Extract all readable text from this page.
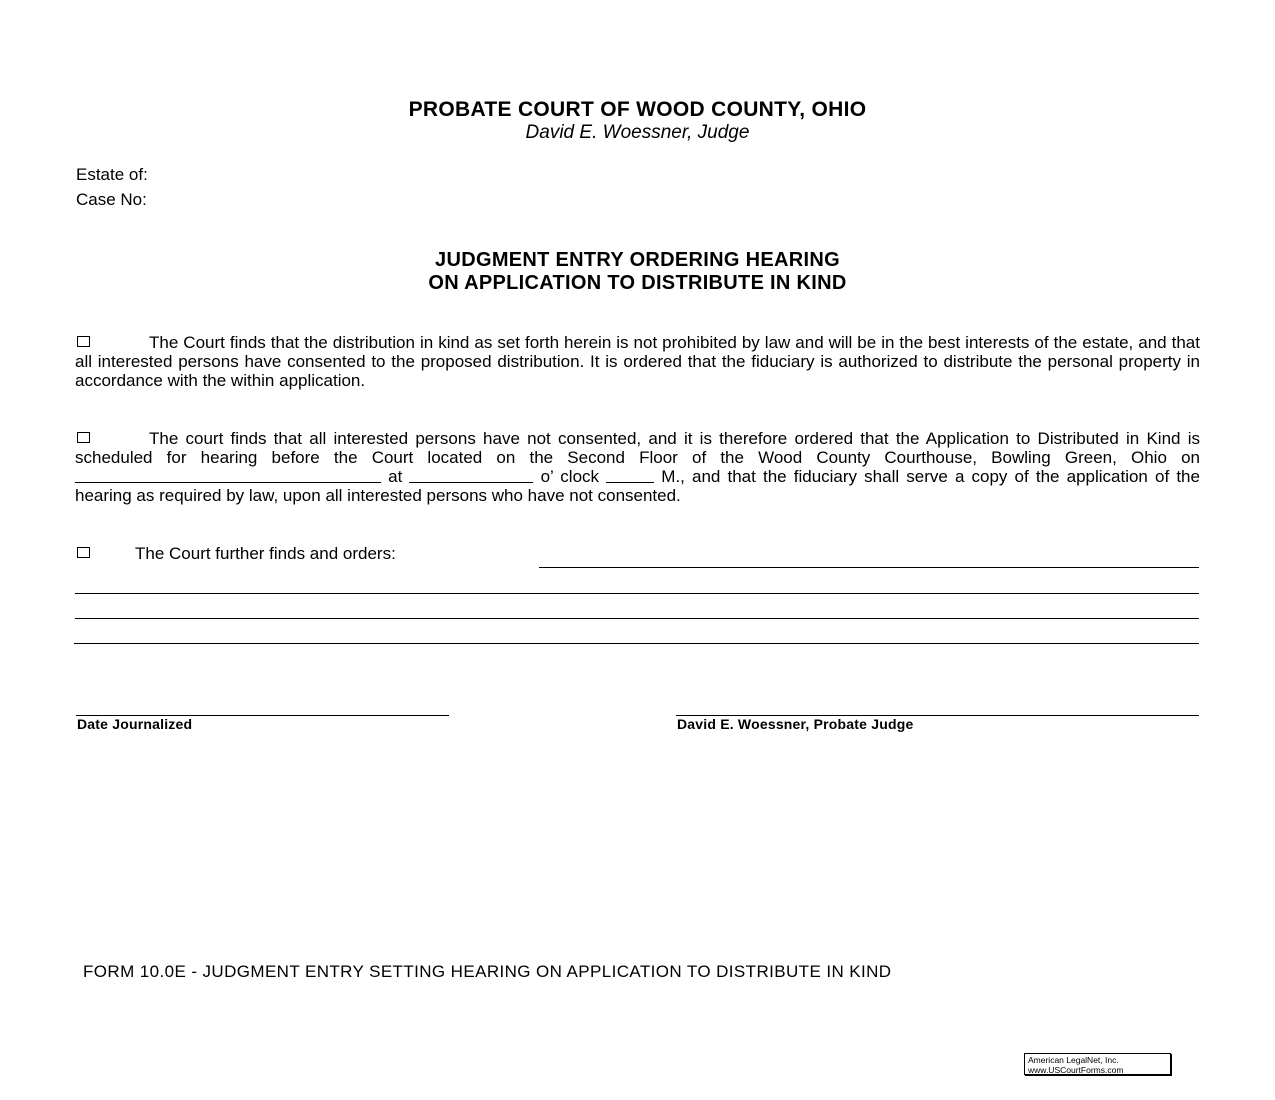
PROBATE COURT OF WOOD COUNTY, OHIO
David E. Woessner, Judge
Estate of:
Case No:
JUDGMENT ENTRY ORDERING HEARING
ON APPLICATION TO DISTRIBUTE IN KIND
The Court finds that the distribution in kind as set forth herein is not prohibited by law and will be in the best interests of the estate, and that all interested persons have consented to the proposed distribution. It is ordered that the fiduciary is authorized to distribute the personal property in accordance with the within application.
The court finds that all interested persons have not consented, and it is therefore ordered that the Application to Distributed in Kind is scheduled for hearing before the Court located on the Second Floor of the Wood County Courthouse, Bowling Green, Ohio on  at	o’ clock	M., and that the fiduciary shall serve a copy of the application of the hearing as required by law, upon all interested persons who have not consented.
The Court further finds and orders:
Date Journalized	David E. Woessner, Probate Judge
FORM 10.0E - JUDGMENT ENTRY SETTING HEARING ON APPLICATION TO DISTRIBUTE IN KIND
American LegalNet, Inc.
www.USCourtForms.com
